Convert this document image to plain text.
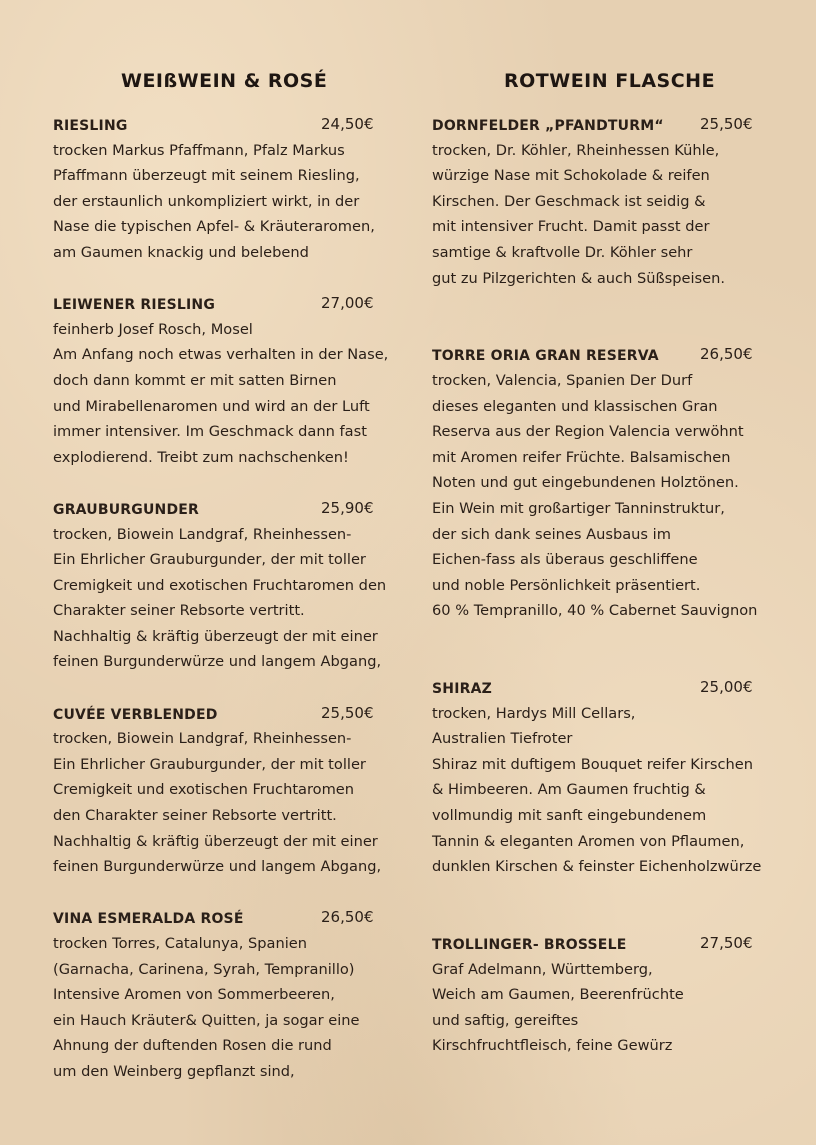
WEIßWEIN & ROSÉ
RIESLING	24,50€
trocken Markus Pfaffmann, Pfalz Markus
Pfaffmann überzeugt mit seinem Riesling,
der erstaunlich unkompliziert wirkt, in der
Nase die typischen Apfel- & Kräuteraromen,
am Gaumen knackig und belebend
LEIWENER RIESLING	27,00€
feinherb Josef Rosch, Mosel
Am Anfang noch etwas verhalten in der Nase,
doch dann kommt er mit satten Birnen
und Mirabellenaromen und wird an der Luft
immer intensiver. Im Geschmack dann fast
explodierend. Treibt zum nachschenken!
GRAUBURGUNDER	25,90€
trocken, Biowein Landgraf, Rheinhessen-
Ein Ehrlicher Grauburgunder, der mit toller
Cremigkeit und exotischen Fruchtaromen den
Charakter seiner Rebsorte vertritt.
Nachhaltig & kräftig überzeugt der mit einer
feinen Burgunderwürze und langem Abgang,
CUVÉE VERBLENDED	25,50€
trocken, Biowein Landgraf, Rheinhessen-
Ein Ehrlicher Grauburgunder, der mit toller
Cremigkeit und exotischen Fruchtaromen
den Charakter seiner Rebsorte vertritt.
Nachhaltig & kräftig überzeugt der mit einer
feinen Burgunderwürze und langem Abgang,
VINA ESMERALDA ROSÉ	26,50€
trocken Torres, Catalunya, Spanien
(Garnacha, Carinena, Syrah, Tempranillo)
Intensive Aromen von Sommerbeeren,
ein Hauch Kräuter& Quitten, ja sogar eine
Ahnung der duftenden Rosen die rund
um den Weinberg gepflanzt sind,
ROTWEIN FLASCHE
DORNFELDER „PFANDTURM“ 25,50€
trocken, Dr. Köhler, Rheinhessen Kühle,
würzige Nase mit Schokolade & reifen
Kirschen. Der Geschmack ist seidig &
mit intensiver Frucht. Damit passt der
samtige & kraftvolle Dr. Köhler sehr
gut zu Pilzgerichten & auch Süßspeisen.
TORRE ORIA GRAN RESERVA	26,50€
trocken, Valencia, Spanien Der Durf
dieses eleganten und klassischen Gran
Reserva aus der Region Valencia verwöhnt
mit Aromen reifer Früchte. Balsamischen
Noten und gut eingebundenen Holztönen.
Ein Wein mit großartiger Tanninstruktur,
der sich dank seines Ausbaus im
Eichen-fass als überaus geschliffene
und noble Persönlichkeit präsentiert.
60 % Tempranillo, 40 % Cabernet Sauvignon
SHIRAZ	25,00€
trocken, Hardys Mill Cellars,
Australien Tiefroter
Shiraz mit duftigem Bouquet reifer Kirschen
& Himbeeren. Am Gaumen fruchtig &
vollmundig mit sanft eingebundenem
Tannin & eleganten Aromen von Pflaumen,
dunklen Kirschen & feinster Eichenholzwürze
TROLLINGER- BROSSELE	27,50€
Graf Adelmann, Württemberg,
Weich am Gaumen, Beerenfrüchte
und saftig, gereiftes
Kirschfruchtfleisch, feine Gewürz
